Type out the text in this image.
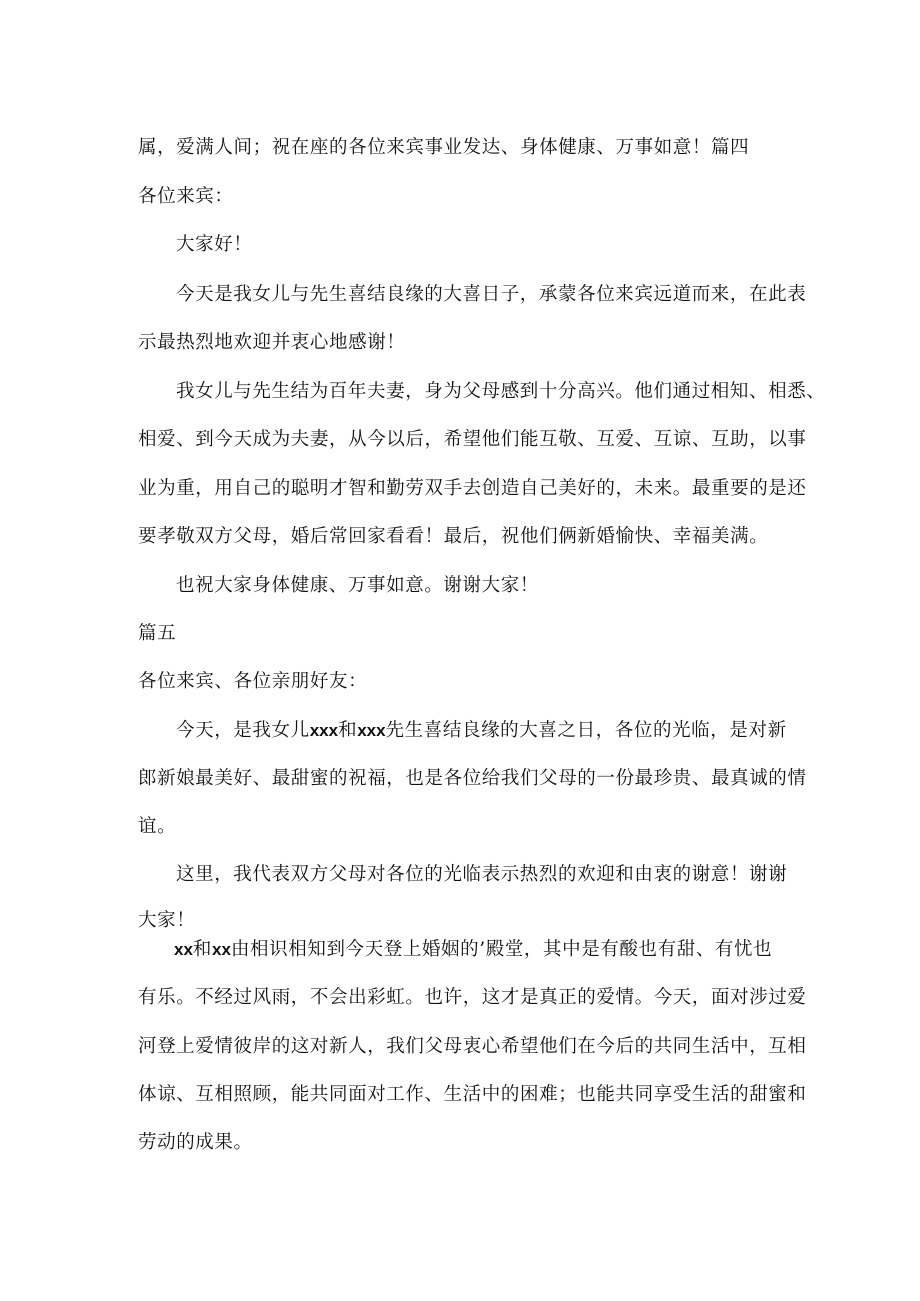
属，爱满人间；祝在座的各位来宾事业发达、身体健康、万事如意！篇四
各位来宾：
大家好！
今天是我女儿与先生喜结良缘的大喜日子，承蒙各位来宾远道而来，在此表
示最热烈地欢迎并衷心地感谢！
我女儿与先生结为百年夫妻，身为父母感到十分高兴。他们通过相知、相悉、
相爱、到今天成为夫妻，从今以后，希望他们能互敬、互爱、互谅、互助，以事
业为重，用自己的聪明才智和勤劳双手去创造自己美好的，未来。最重要的是还
要孝敬双方父母，婚后常回家看看！最后，祝他们俩新婚愉快、幸福美满。
也祝大家身体健康、万事如意。谢谢大家！
篇五
各位来宾、各位亲朋好友：
今天，是我女儿xxx和xxx先生喜结良缘的大喜之日，各位的光临，是对新
郎新娘最美好、最甜蜜的祝福，也是各位给我们父母的一份最珍贵、最真诚的情
谊。
这里，我代表双方父母对各位的光临表示热烈的欢迎和由衷的谢意！谢谢
大家！
xx和xx由相识相知到今天登上婚姻的’殿堂，其中是有酸也有甜、有忧也
有乐。不经过风雨，不会出彩虹。也许，这才是真正的爱情。今天，面对涉过爱
河登上爱情彼岸的这对新人，我们父母衷心希望他们在今后的共同生活中，互相
体谅、互相照顾，能共同面对工作、生活中的困难；也能共同享受生活的甜蜜和
劳动的成果。
